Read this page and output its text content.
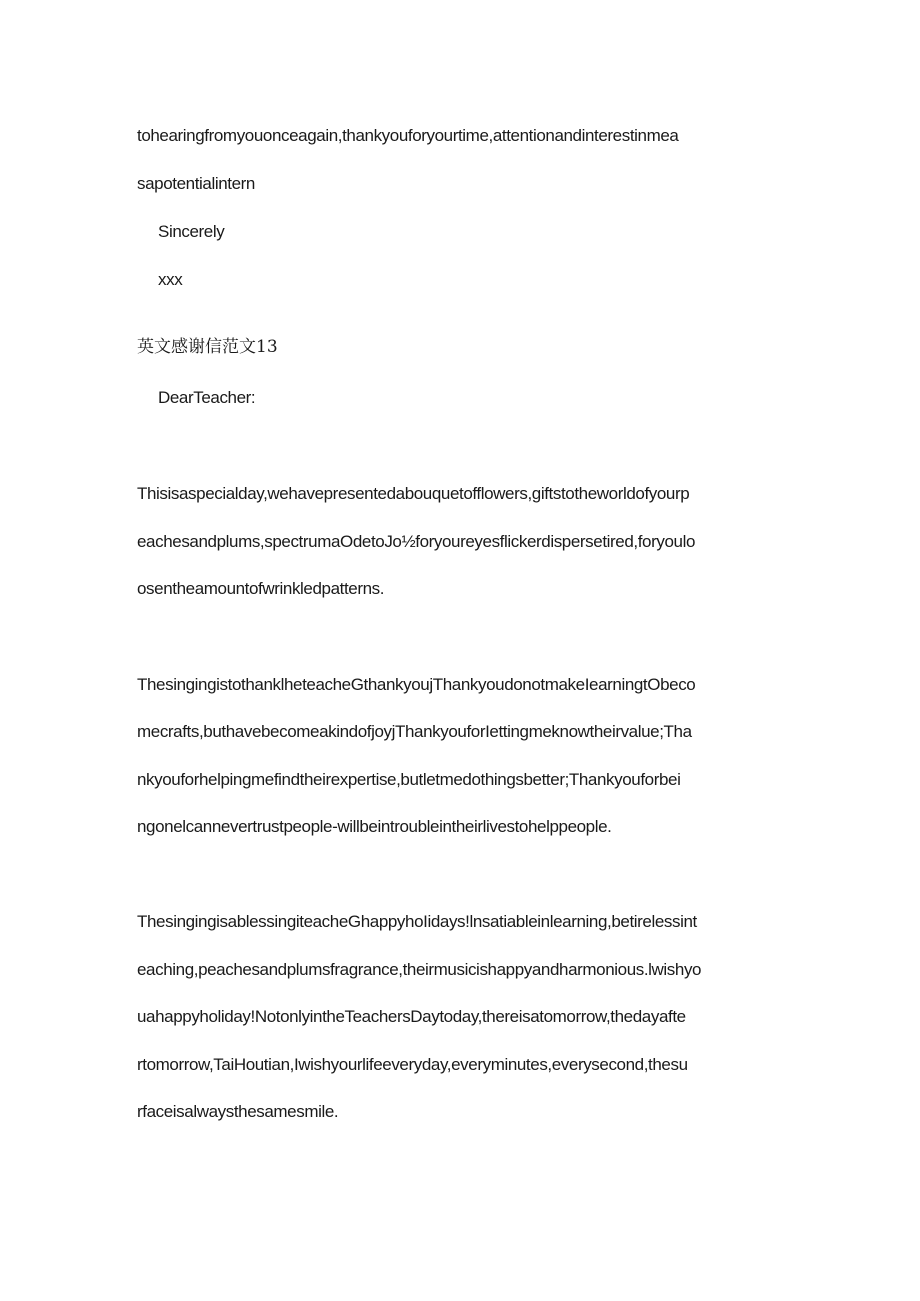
tohearingfromyouonceagain,thankyouforyourtime,attentionandinterestinmea
sapotentialintern
Sincerely
xxx
英文感谢信范文13
DearTeacher:
Thisisaspecialday,wehavepresentedabouquetofflowers,giftstotheworldofyourp
eachesandplums,spectrumaOdetoJo½foryoureyesflickerdispersetired,foryoulo
osentheamountofwrinkledpatterns.
ThesingingistothanklheteacheGthankyoujThankyoudonotmakeIearningtObeco
mecrafts,buthavebecomeakindofjoyjThankyouforIettingmeknowtheirvalue;Tha
nkyouforhelpingmefindtheirexpertise,butletmedothingsbetter;Thankyouforbei
ngonelcannevertrustpeople-willbeintroubleintheirlivestohelppeople.
ThesingingisablessingiteacheGhappyhoIidays!lnsatiableinlearning,betirelessint
eaching,peachesandplumsfragrance,theirmusicishappyandharmonious.lwishyo
uahappyholiday!NotonlyintheTeachersDaytoday,thereisatomorrow,thedayafte
rtomorrow,TaiHoutian,Iwishyourlifeeveryday,everyminutes,everysecond,thesu
rfaceisalwaysthesamesmile.
